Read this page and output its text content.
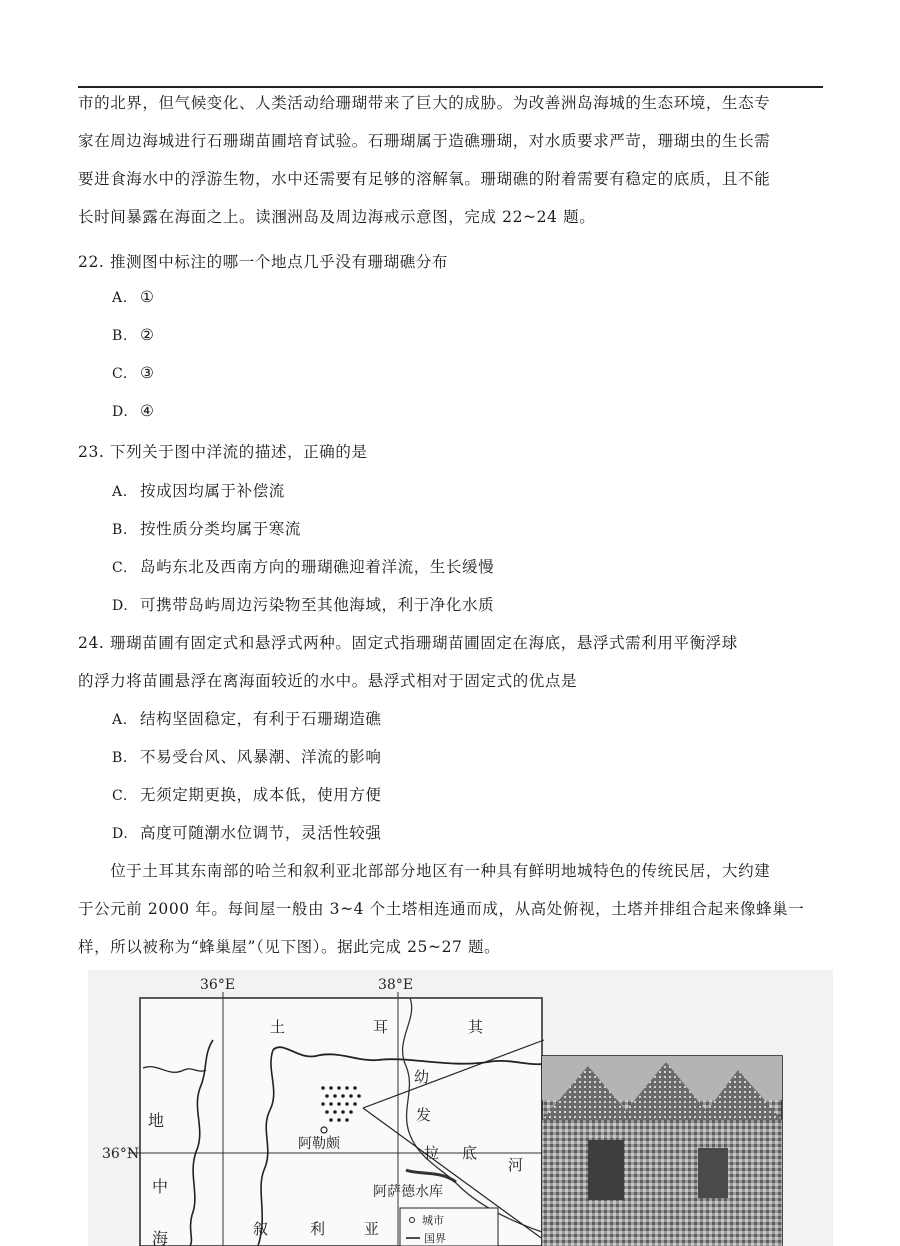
市的北界，但气候变化、人类活动给珊瑚带来了巨大的成胁。为改善洲岛海城的生态环境，生态专
家在周边海城进行石珊瑚苗圃培育试验。石珊瑚属于造礁珊瑚，对水质要求严苛，珊瑚虫的生长需
要进食海水中的浮游生物，水中还需要有足够的溶解氧。珊瑚礁的附着需要有稳定的底质，且不能
长时间暴露在海面之上。读涠洲岛及周边海戒示意图，完成 22~24 题。
22. 推测图中标注的哪一个地点几乎没有珊瑚礁分布
A. ①
B. ②
C. ③
D. ④
23. 下列关于图中洋流的描述，正确的是
A. 按成因均属于补偿流
B. 按性质分类均属于寒流
C. 岛屿东北及西南方向的珊瑚礁迎着洋流，生长缓慢
D. 可携带岛屿周边污染物至其他海域，利于净化水质
24. 珊瑚苗圃有固定式和悬浮式两种。固定式指珊瑚苗圃固定在海底，悬浮式需利用平衡浮球
的浮力将苗圃悬浮在离海面较近的水中。悬浮式相对于固定式的优点是
A. 结构坚固稳定，有利于石珊瑚造礁
B. 不易受台风、风暴潮、洋流的影响
C. 无须定期更换，成本低，使用方便
D. 高度可随潮水位调节，灵活性较强
　　位于土耳其东南部的哈兰和叙利亚北部部分地区有一种具有鲜明地城特色的传统民居，大约建
于公元前 2000 年。每间屋一般由 3~4 个土塔相连通而成，从高处俯视，土塔并排组合起来像蜂巢一
样，所以被称为“蜂巢屋”（见下图）。据此完成 25~27 题。
36°E	38°E
36°N
土	耳	其
幼
发
拉 底
河
阿勒颇
阿萨德水库
地
中
海	叙	利	亚	城市
国界
